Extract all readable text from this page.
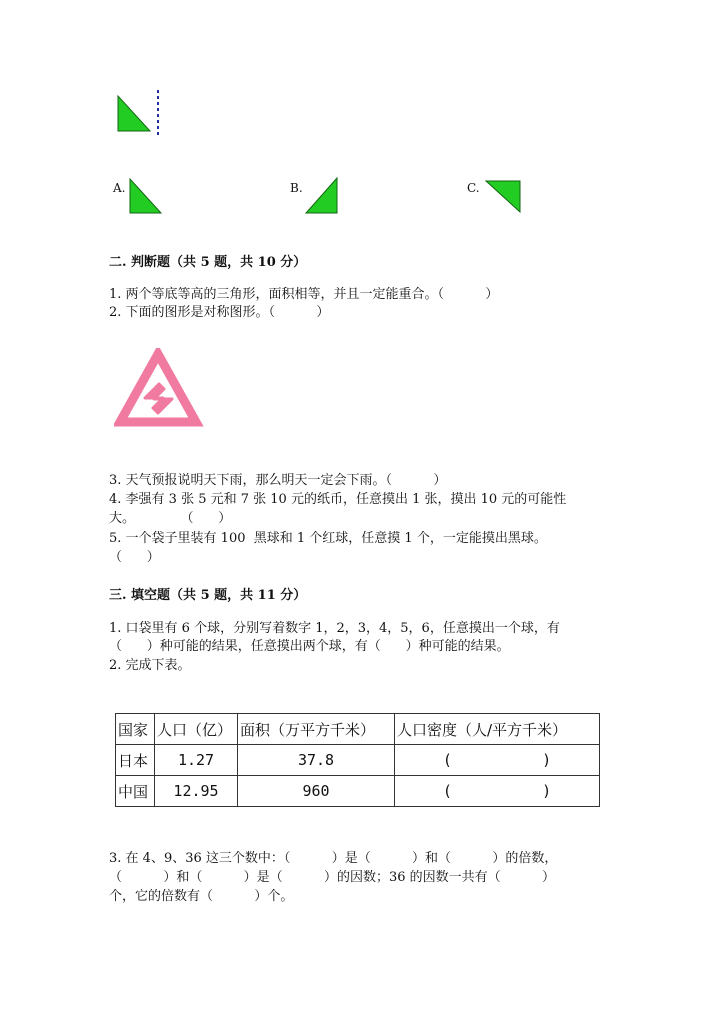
A.	B.	C.
二. 判断题（共 5 题，共 10 分）
1. 两个等底等高的三角形，面积相等，并且一定能重合。（          ）
2. 下面的图形是对称图形。（          ）
3. 天气预报说明天下雨，那么明天一定会下雨。（          ）
4. 李强有 3 张 5 元和 7 张 10 元的纸币，任意摸出 1 张，摸出 10 元的可能性
大。           （      ）
5. 一个袋子里装有 100  黑球和 1 个红球，任意摸 1 个，一定能摸出黑球。
（      ）
三. 填空题（共 5 题，共 11 分）
1. 口袋里有 6 个球，分别写着数字 1，2，3，4，5，6，任意摸出一个球，有
（      ）种可能的结果，任意摸出两个球，有（      ）种可能的结果。
2. 完成下表。
国家	人口（亿）	面积（万平方千米）	人口密度（人/平方千米）
日本	1.27	37.8	(          )
中国	12.95	960	(          )
3. 在 4、9、36 这三个数中：（          ）是（          ）和（          ）的倍数，
（          ）和（          ）是（          ）的因数；36 的因数一共有（          ）
个，它的倍数有（          ）个。
